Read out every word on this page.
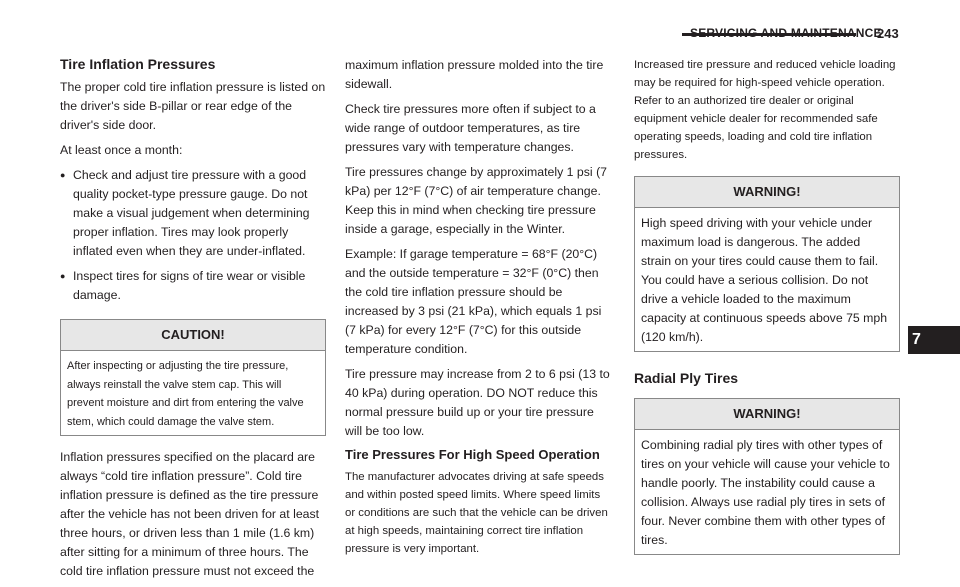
SERVICING AND MAINTENANCE
243
7
Tire Inflation Pressures

The proper cold tire inflation pressure is listed on the driver's side B-pillar or rear edge of the driver's side door.

At least once a month:

● Check and adjust tire pressure with a good quality pocket-type pressure gauge. Do not make a visual judgement when determining proper inflation. Tires may look properly inflated even when they are under-inflated.
● Inspect tires for signs of tire wear or visible damage.
CAUTION!

After inspecting or adjusting the tire pressure, always reinstall the valve stem cap. This will prevent moisture and dirt from entering the valve stem, which could damage the valve stem.

Inflation pressures specified on the placard are always “cold tire inflation pressure”. Cold tire inflation pressure is defined as the tire pressure after the vehicle has not been driven for at least three hours, or driven less than 1 mile (1.6 km) after sitting for a minimum of three hours. The cold tire inflation pressure must not exceed the

maximum inflation pressure molded into the tire sidewall.

Check tire pressures more often if subject to a wide range of outdoor temperatures, as tire pressures vary with temperature changes.

Tire pressures change by approximately 1 psi (7 kPa) per 12°F (7°C) of air temperature change. Keep this in mind when checking tire pressure inside a garage, especially in the Winter.

Example: If garage temperature = 68°F (20°C) and the outside temperature = 32°F (0°C) then the cold tire inflation pressure should be increased by 3 psi (21 kPa), which equals 1 psi (7 kPa) for every 12°F (7°C) for this outside temperature condition.

Tire pressure may increase from 2 to 6 psi (13 to 40 kPa) during operation. DO NOT reduce this normal pressure build up or your tire pressure will be too low.

Tire Pressures For High Speed Operation

The manufacturer advocates driving at safe speeds and within posted speed limits. Where speed limits or conditions are such that the vehicle can be driven at high speeds, maintaining correct tire inflation pressure is very important.

Increased tire pressure and reduced vehicle loading may be required for high-speed vehicle operation. Refer to an authorized tire dealer or original equipment vehicle dealer for recommended safe operating speeds, loading and cold tire inflation pressures.

WARNING!

High speed driving with your vehicle under maximum load is dangerous. The added strain on your tires could cause them to fail. You could have a serious collision. Do not drive a vehicle loaded to the maximum capacity at continuous speeds above 75 mph (120 km/h).

Radial Ply Tires
WARNING!

Combining radial ply tires with other types of tires on your vehicle will cause your vehicle to handle poorly. The instability could cause a collision. Always use radial ply tires in sets of four. Never combine them with other types of tires.
